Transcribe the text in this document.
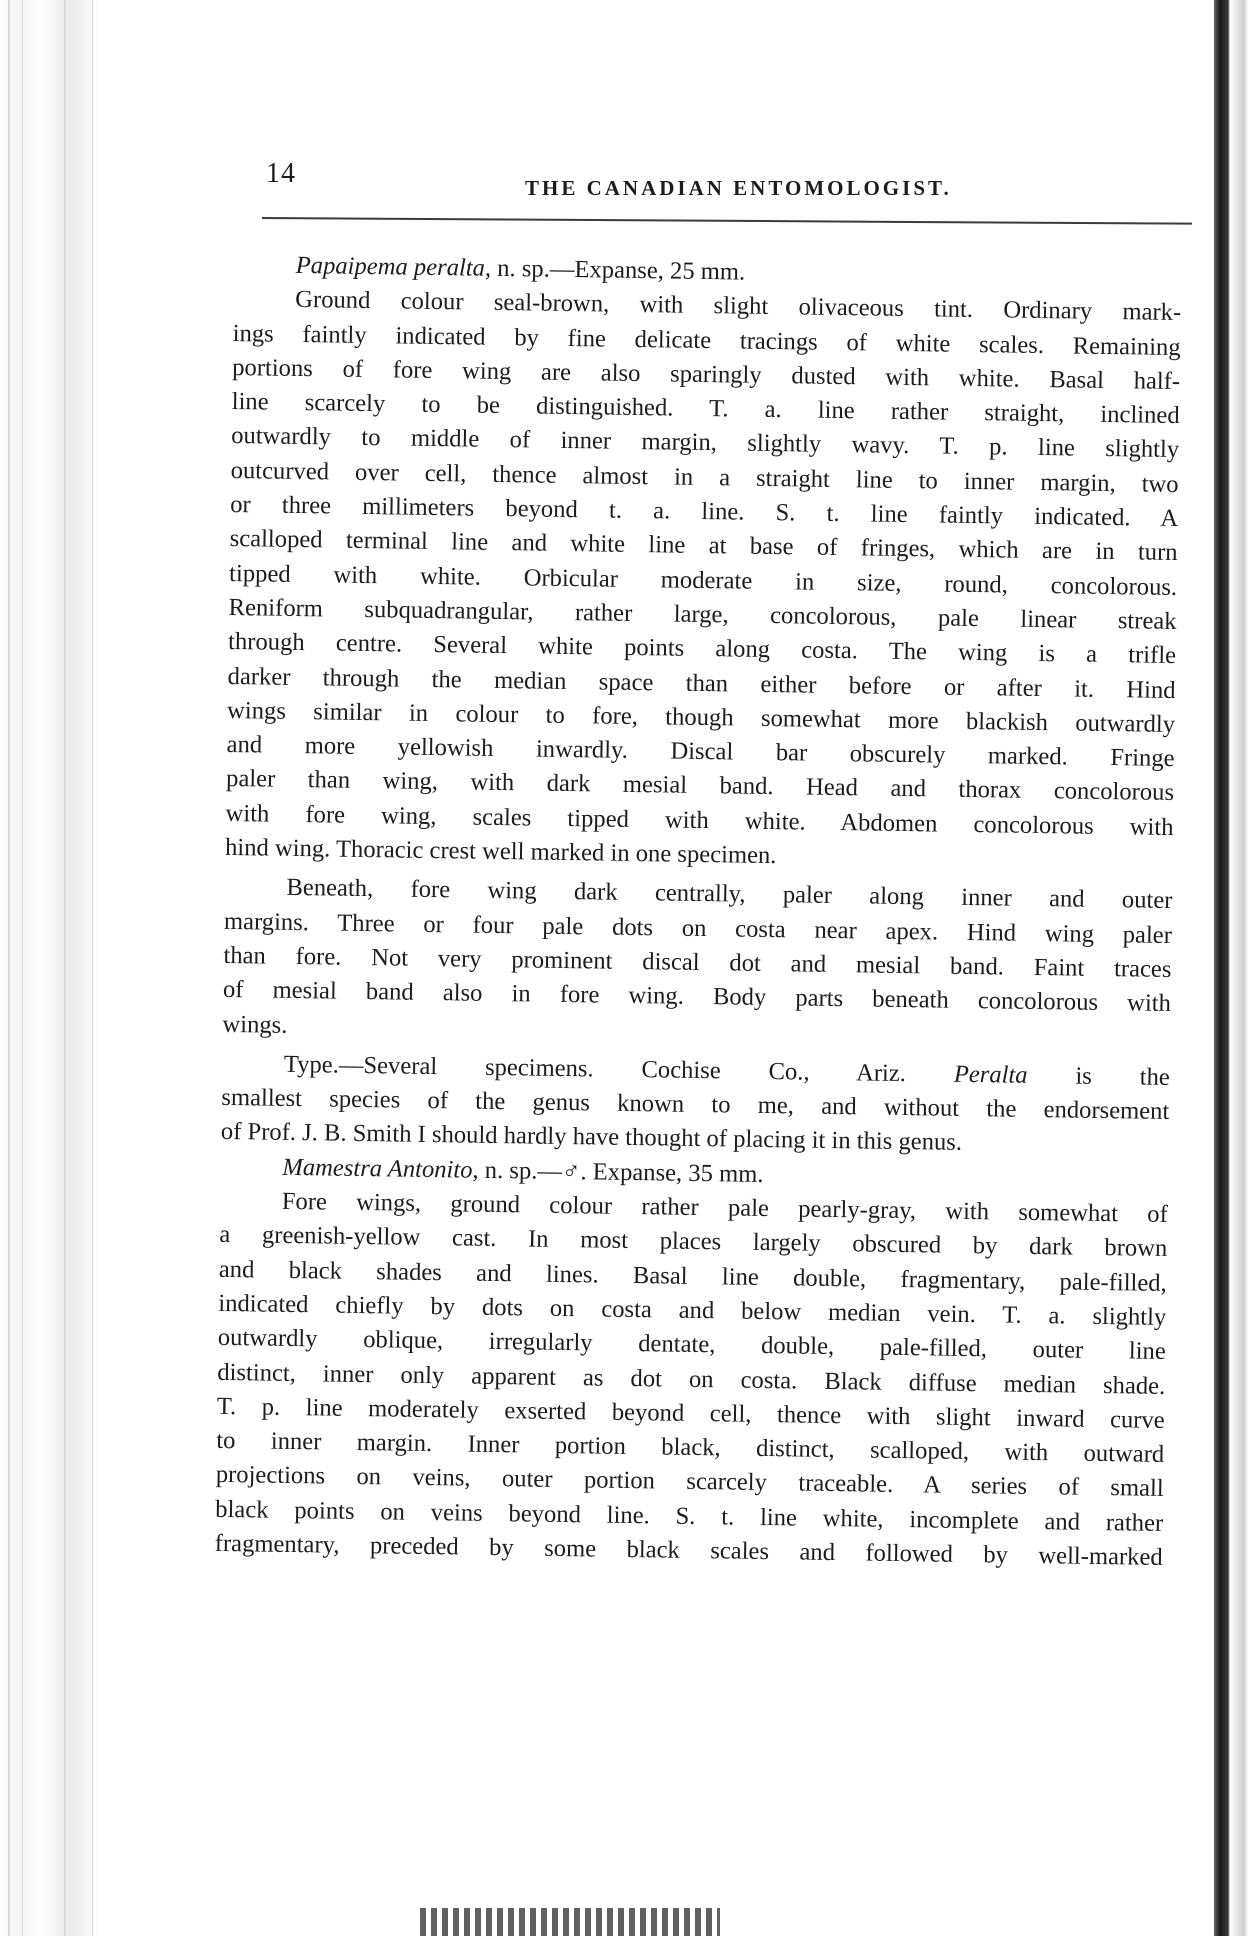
14	THE CANADIAN ENTOMOLOGIST.
Papaipema peralta, n. sp.—Expanse, 25 mm.
Ground colour seal-brown, with slight olivaceous tint. Ordinary mark-
ings faintly indicated by fine delicate tracings of white scales. Remaining
portions of fore wing are also sparingly dusted with white. Basal half-
line scarcely to be distinguished. T. a. line rather straight, inclined
outwardly to middle of inner margin, slightly wavy. T. p. line slightly
outcurved over cell, thence almost in a straight line to inner margin, two
or three millimeters beyond t. a. line. S. t. line faintly indicated. A
scalloped terminal line and white line at base of fringes, which are in turn
tipped with white. Orbicular moderate in size, round, concolorous.
Reniform subquadrangular, rather large, concolorous, pale linear streak
through centre. Several white points along costa. The wing is a trifle
darker through the median space than either before or after it. Hind
wings similar in colour to fore, though somewhat more blackish outwardly
and more yellowish inwardly. Discal bar obscurely marked. Fringe
paler than wing, with dark mesial band. Head and thorax concolorous
with fore wing, scales tipped with white. Abdomen concolorous with
hind wing. Thoracic crest well marked in one specimen.
Beneath, fore wing dark centrally, paler along inner and outer
margins. Three or four pale dots on costa near apex. Hind wing paler
than fore. Not very prominent discal dot and mesial band. Faint traces
of mesial band also in fore wing. Body parts beneath concolorous with
wings.
Type.—Several specimens. Cochise Co., Ariz. Peralta is the
smallest species of the genus known to me, and without the endorsement
of Prof. J. B. Smith I should hardly have thought of placing it in this genus.
Mamestra Antonito, n. sp.—♂. Expanse, 35 mm.
Fore wings, ground colour rather pale pearly-gray, with somewhat of
a greenish-yellow cast. In most places largely obscured by dark brown
and black shades and lines. Basal line double, fragmentary, pale-filled,
indicated chiefly by dots on costa and below median vein. T. a. slightly
outwardly oblique, irregularly dentate, double, pale-filled, outer line
distinct, inner only apparent as dot on costa. Black diffuse median shade.
T. p. line moderately exserted beyond cell, thence with slight inward curve
to inner margin. Inner portion black, distinct, scalloped, with outward
projections on veins, outer portion scarcely traceable. A series of small
black points on veins beyond line. S. t. line white, incomplete and rather
fragmentary, preceded by some black scales and followed by well-marked
